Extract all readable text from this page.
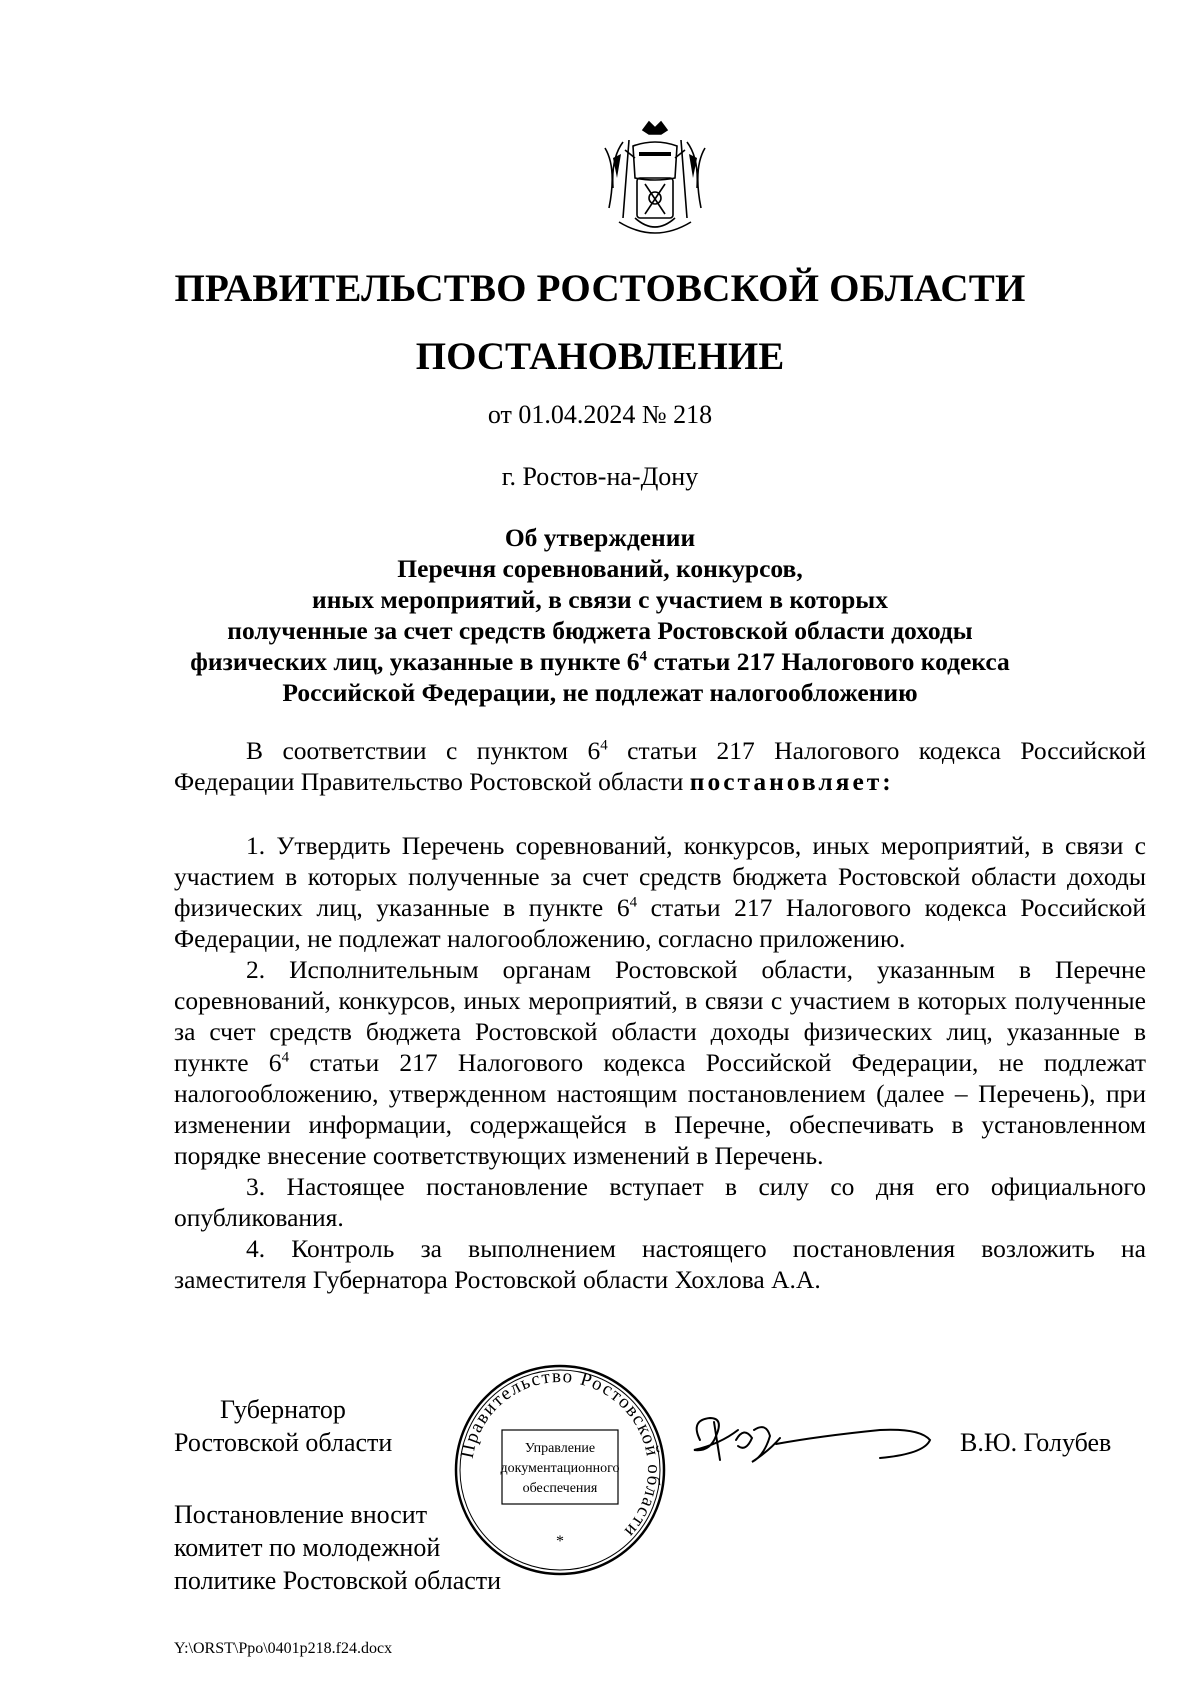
ПРАВИТЕЛЬСТВО РОСТОВСКОЙ ОБЛАСТИ
ПОСТАНОВЛЕНИЕ
от 01.04.2024 № 218
г. Ростов-на-Дону
Об утверждении
Перечня соревнований, конкурсов,
иных мероприятий, в связи с участием в которых
полученные за счет средств бюджета Ростовской области доходы
физических лиц, указанные в пункте $6^4$ статьи 217 Налогового кодекса
Российской Федерации, не подлежат налогообложению

В соответствии с пунктом $6^4$ статьи 217 Налогового кодекса Российской Федерации Правительство Ростовской области постановляет:

1. Утвердить Перечень соревнований, конкурсов, иных мероприятий, в связи с участием в которых полученные за счет средств бюджета Ростовской области доходы физических лиц, указанные в пункте $6^4$ статьи 217 Налогового кодекса Российской Федерации, не подлежат налогообложению, согласно приложению.

2. Исполнительным органам Ростовской области, указанным в Перечне соревнований, конкурсов, иных мероприятий, в связи с участием в которых полученные за счет средств бюджета Ростовской области доходы физических лиц, указанные в пункте $6^4$ статьи 217 Налогового кодекса Российской Федерации, не подлежат налогообложению, утвержденном настоящим постановлением (далее – Перечень), при изменении информации, содержащейся в Перечне, обеспечивать в установленном порядке внесение соответствующих изменений в Перечень.

3. Настоящее постановление вступает в силу со дня его официального опубликования.

4. Контроль за выполнением настоящего постановления возложить на заместителя Губернатора Ростовской области Хохлова А.А.

Губернатор
Ростовской области	В.Ю. Голубев
Правительство Ростовской области
Управление
документационного
обеспечения
*
Постановление вносит
комитет по молодежной
политике Ростовской области
Y:\ORST\Ppo\0401p218.f24.docx
